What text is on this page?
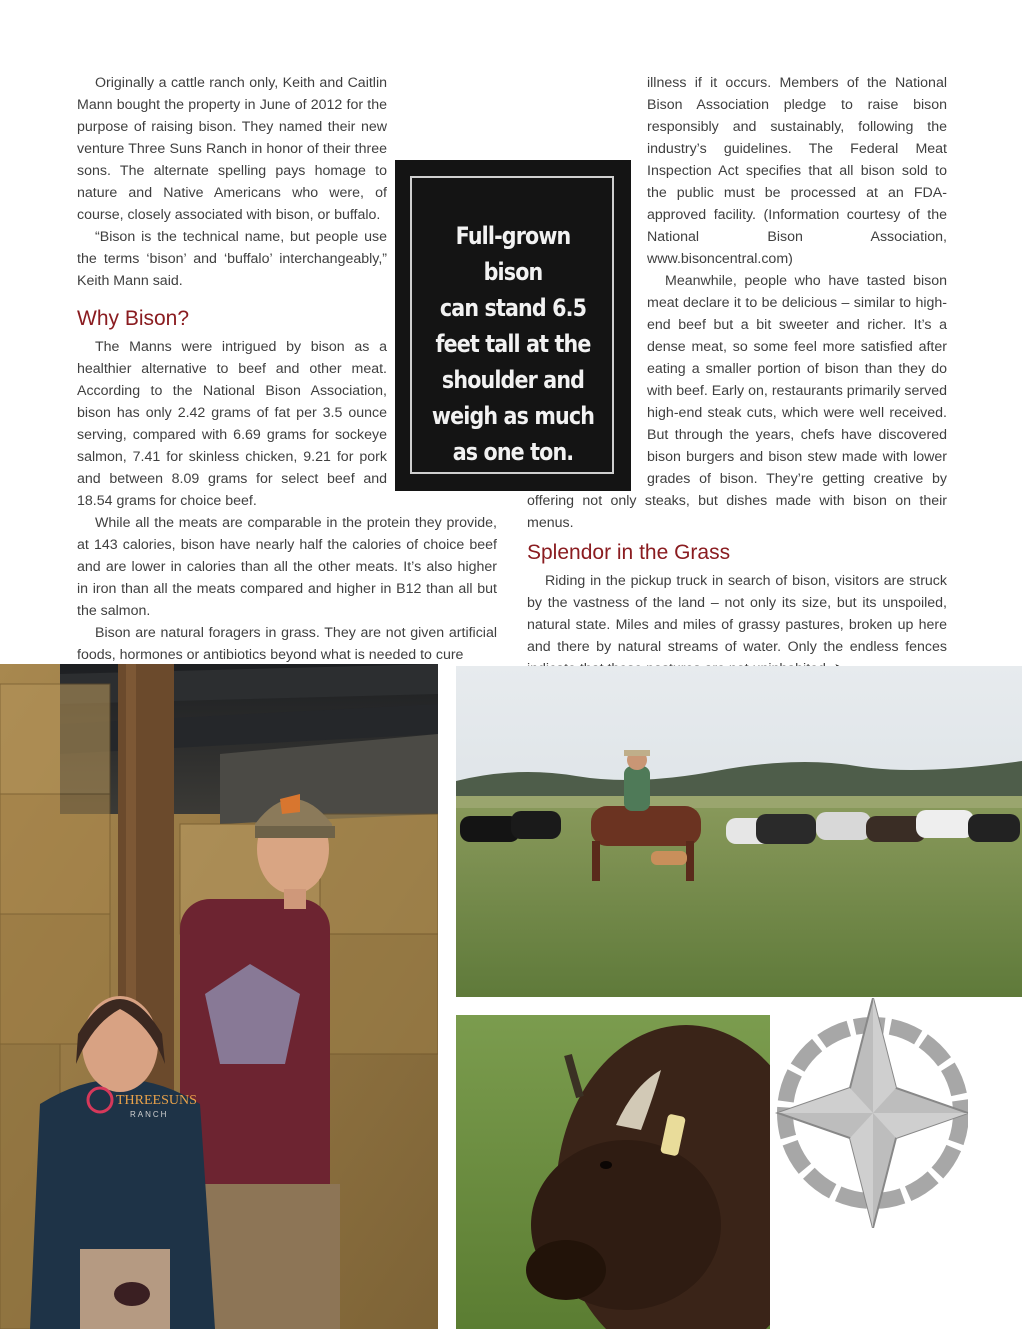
Originally a cattle ranch only, Keith and Caitlin Mann bought the property in June of 2012 for the purpose of raising bison. They named their new venture Three Suns Ranch in honor of their three sons. The alternate spelling pays homage to nature and Native Americans who were, of course, closely associated with bison, or buffalo.

“Bison is the technical name, but people use the terms ‘bison’ and ‘buffalo’ interchangeably,” Keith Mann said.

Why Bison?

The Manns were intrigued by bison as a healthier alternative to beef and other meat. According to the National Bison Association, bison has only 2.42 grams of fat per 3.5 ounce serving, compared with 6.69 grams for sockeye salmon, 7.41 for skinless chicken, 9.21 for pork and between 8.09 grams for select beef and 18.54 grams for choice beef.

While all the meats are comparable in the protein they provide, at 143 calories, bison have nearly half the calories of choice beef and are lower in calories than all the other meats. It’s also higher in iron than all the meats compared and higher in B12 than all but the salmon.

Bison are natural foragers in grass. They are not given artificial foods, hormones or antibiotics beyond what is needed to cure

illness if it occurs. Members of the National Bison Association pledge to raise bison responsibly and sustainably, following the industry’s guidelines. The Federal Meat Inspection Act specifies that all bison sold to the public must be processed at an FDA-approved facility. (Information courtesy of the National Bison Association, www.bisoncentral.com)

Meanwhile, people who have tasted bison meat declare it to be delicious – similar to high-end beef but a bit sweeter and richer. It’s a dense meat, so some feel more satisfied after eating a smaller portion of bison than they do with beef. Early on, restaurants primarily served high-end steak cuts, which were well received. But through the years, chefs have discovered bison burgers and bison stew made with lower grades of bison. They’re getting creative by offering not only steaks, but dishes made with bison on their menus.

Splendor in the Grass

Riding in the pickup truck in search of bison, visitors are struck by the vastness of the land – not only its size, but its unspoiled, natural state. Miles and miles of grassy pastures, broken up here and there by natural streams of water. Only the endless fences

Full-grown bison
can stand 6.5
feet tall at the
shoulder and
weigh as much
as one ton.
THREESUNS
RANCH
